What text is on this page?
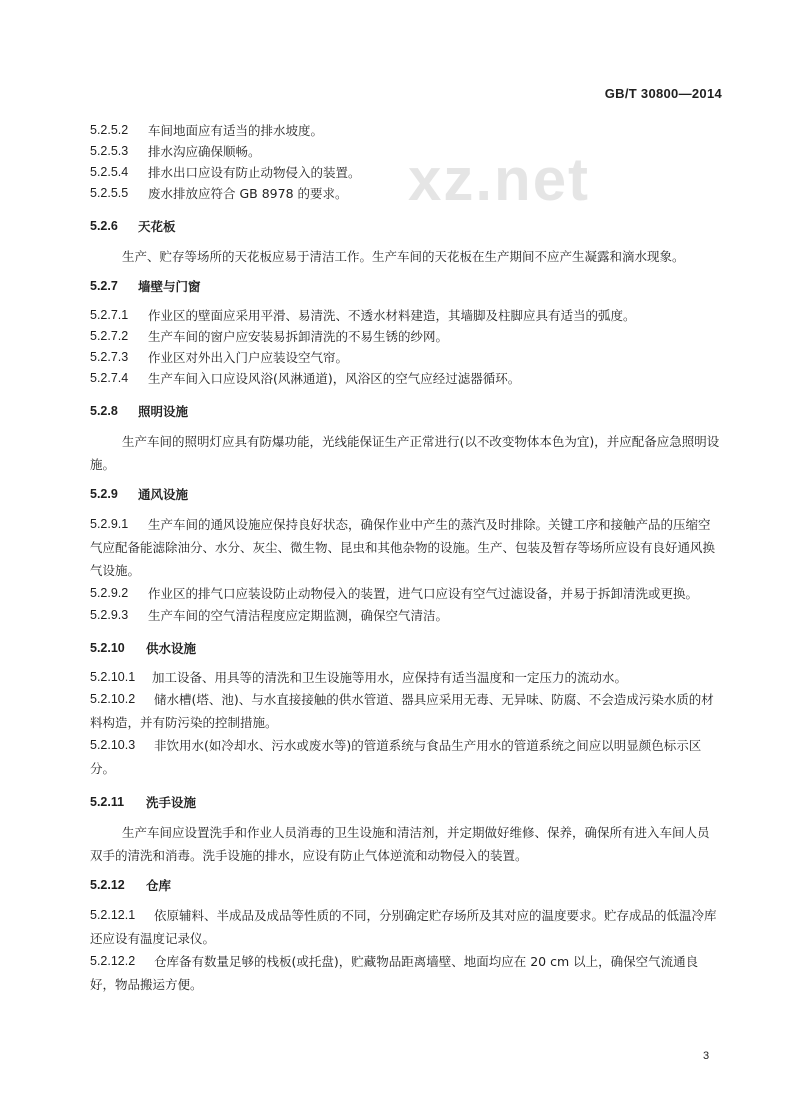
GB/T 30800—2014
xz.net
5.2.5.2 车间地面应有适当的排水坡度。
5.2.5.3 排水沟应确保顺畅。
5.2.5.4 排水出口应设有防止动物侵入的装置。
5.2.5.5 废水排放应符合 GB 8978 的要求。
5.2.6 天花板

生产、贮存等场所的天花板应易于清洁工作。生产车间的天花板在生产期间不应产生凝露和滴水现象。

5.2.7 墙壁与门窗
5.2.7.1 作业区的壁面应采用平滑、易清洗、不透水材料建造，其墙脚及柱脚应具有适当的弧度。
5.2.7.2 生产车间的窗户应安装易拆卸清洗的不易生锈的纱网。
5.2.7.3 作业区对外出入门户应装设空气帘。
5.2.7.4 生产车间入口应设风浴(风淋通道)，风浴区的空气应经过滤器循环。
5.2.8 照明设施

生产车间的照明灯应具有防爆功能，光线能保证生产正常进行(以不改变物体本色为宜)，并应配备应急照明设施。

5.2.9 通风设施
5.2.9.1	生产车间的通风设施应保持良好状态，确保作业中产生的蒸汽及时排除。关键工序和接触产品的压缩空气应配备能滤除油分、水分、灰尘、微生物、昆虫和其他杂物的设施。生产、包装及暂存等场所应设有良好通风换气设施。

5.2.9.2	作业区的排气口应装设防止动物侵入的装置，进气口应设有空气过滤设备，并易于拆卸清洗或更换。

5.2.9.3 生产车间的空气清洁程度应定期监测，确保空气清洁。
5.2.10 供水设施
5.2.10.1 加工设备、用具等的清洗和卫生设施等用水，应保持有适当温度和一定压力的流动水。
5.2.10.2	储水槽(塔、池)、与水直接接触的供水管道、器具应采用无毒、无异味、防腐、不会造成污染水质的材料构造，并有防污染的控制措施。

5.2.10.3	非饮用水(如冷却水、污水或废水等)的管道系统与食品生产用水的管道系统之间应以明显颜色标示区分。

5.2.11 洗手设施

生产车间应设置洗手和作业人员消毒的卫生设施和清洁剂，并定期做好维修、保养，确保所有进入车间人员双手的清洗和消毒。洗手设施的排水，应设有防止气体逆流和动物侵入的装置。

5.2.12 仓库
5.2.12.1	依原辅料、半成品及成品等性质的不同，分别确定贮存场所及其对应的温度要求。贮存成品的低温冷库还应设有温度记录仪。

5.2.12.2	仓库备有数量足够的栈板(或托盘)，贮藏物品距离墙壁、地面均应在 20 cm 以上，确保空气流通良好，物品搬运方便。

3
